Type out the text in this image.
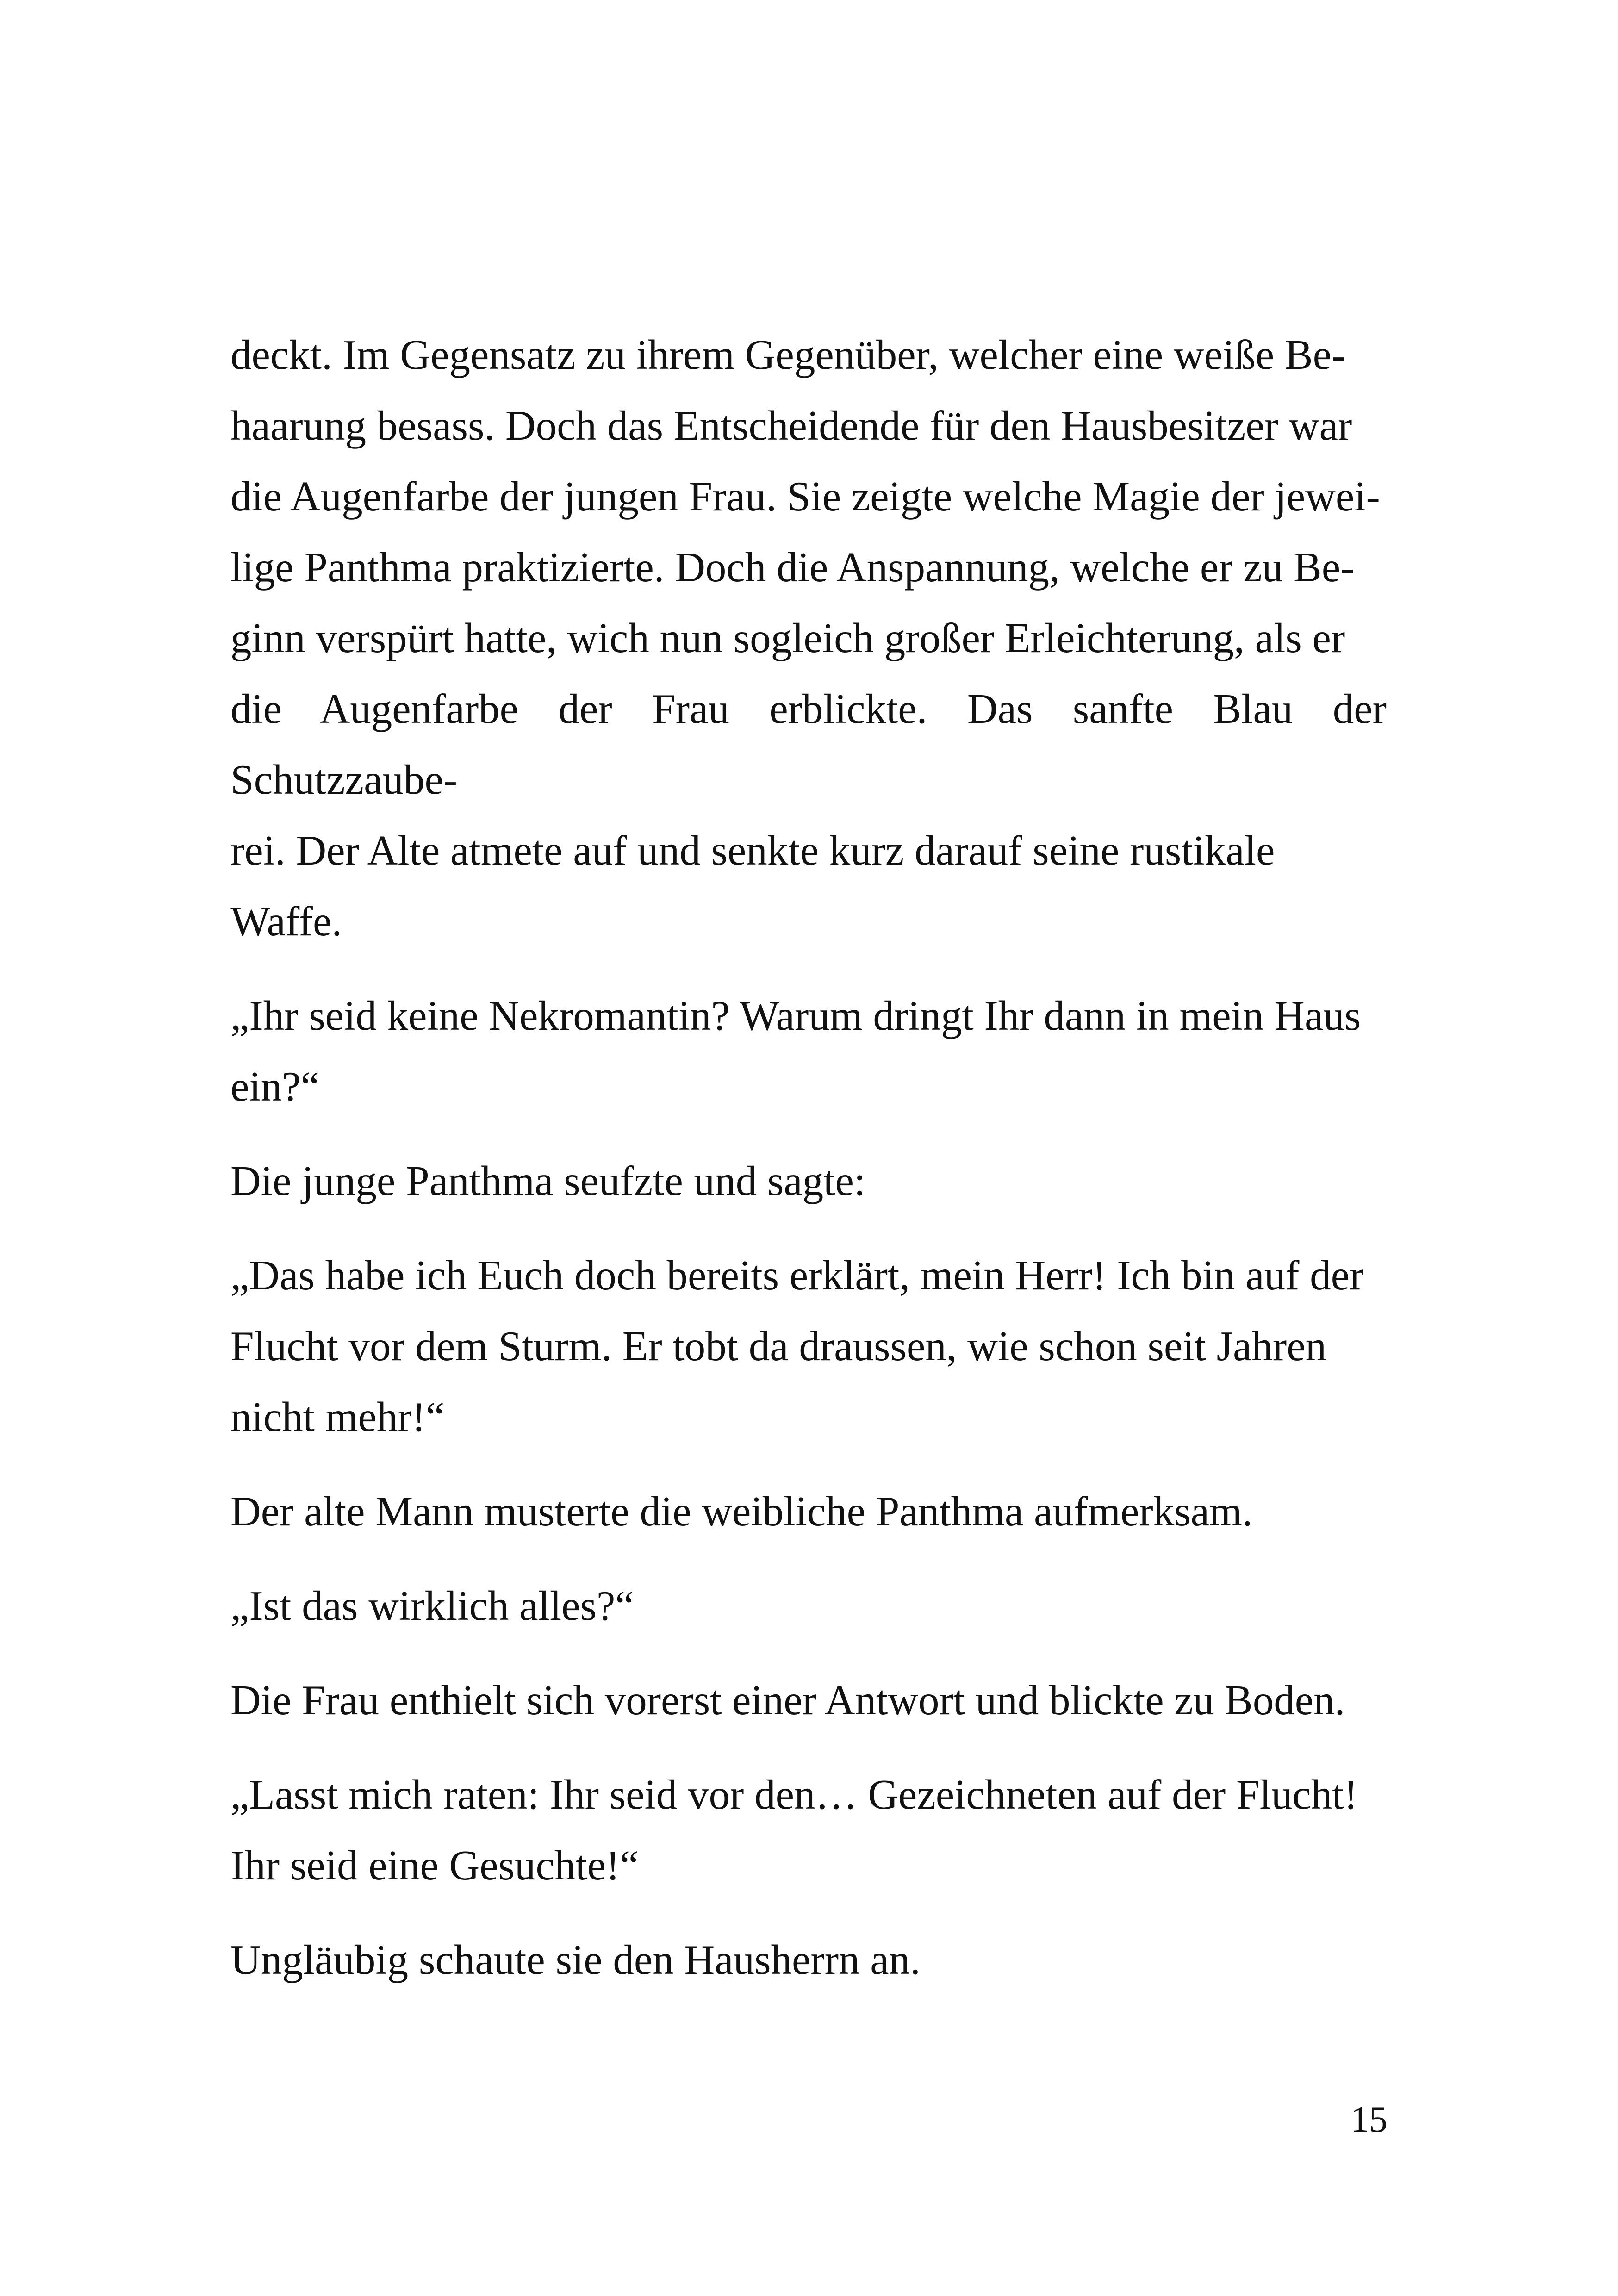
deckt. Im Gegensatz zu ihrem Gegenüber, welcher eine weiße Be-
haarung besass. Doch das Entscheidende für den Hausbesitzer war
die Augenfarbe der jungen Frau. Sie zeigte welche Magie der jewei-
lige Panthma praktizierte. Doch die Anspannung, welche er zu Be-
ginn verspürt hatte, wich nun sogleich großer Erleichterung, als er
die Augenfarbe der Frau erblickte. Das sanfte Blau der Schutzzaube-
rei. Der Alte atmete auf und senkte kurz darauf seine rustikale
Waffe.

„Ihr seid keine Nekromantin? Warum dringt Ihr dann in mein Haus
ein?“

Die junge Panthma seufzte und sagte:

„Das habe ich Euch doch bereits erklärt, mein Herr! Ich bin auf der
Flucht vor dem Sturm. Er tobt da draussen, wie schon seit Jahren
nicht mehr!“

Der alte Mann musterte die weibliche Panthma aufmerksam.

„Ist das wirklich alles?“

Die Frau enthielt sich vorerst einer Antwort und blickte zu Boden.

„Lasst mich raten: Ihr seid vor den… Gezeichneten auf der Flucht!
Ihr seid eine Gesuchte!“

Ungläubig schaute sie den Hausherrn an.

15
